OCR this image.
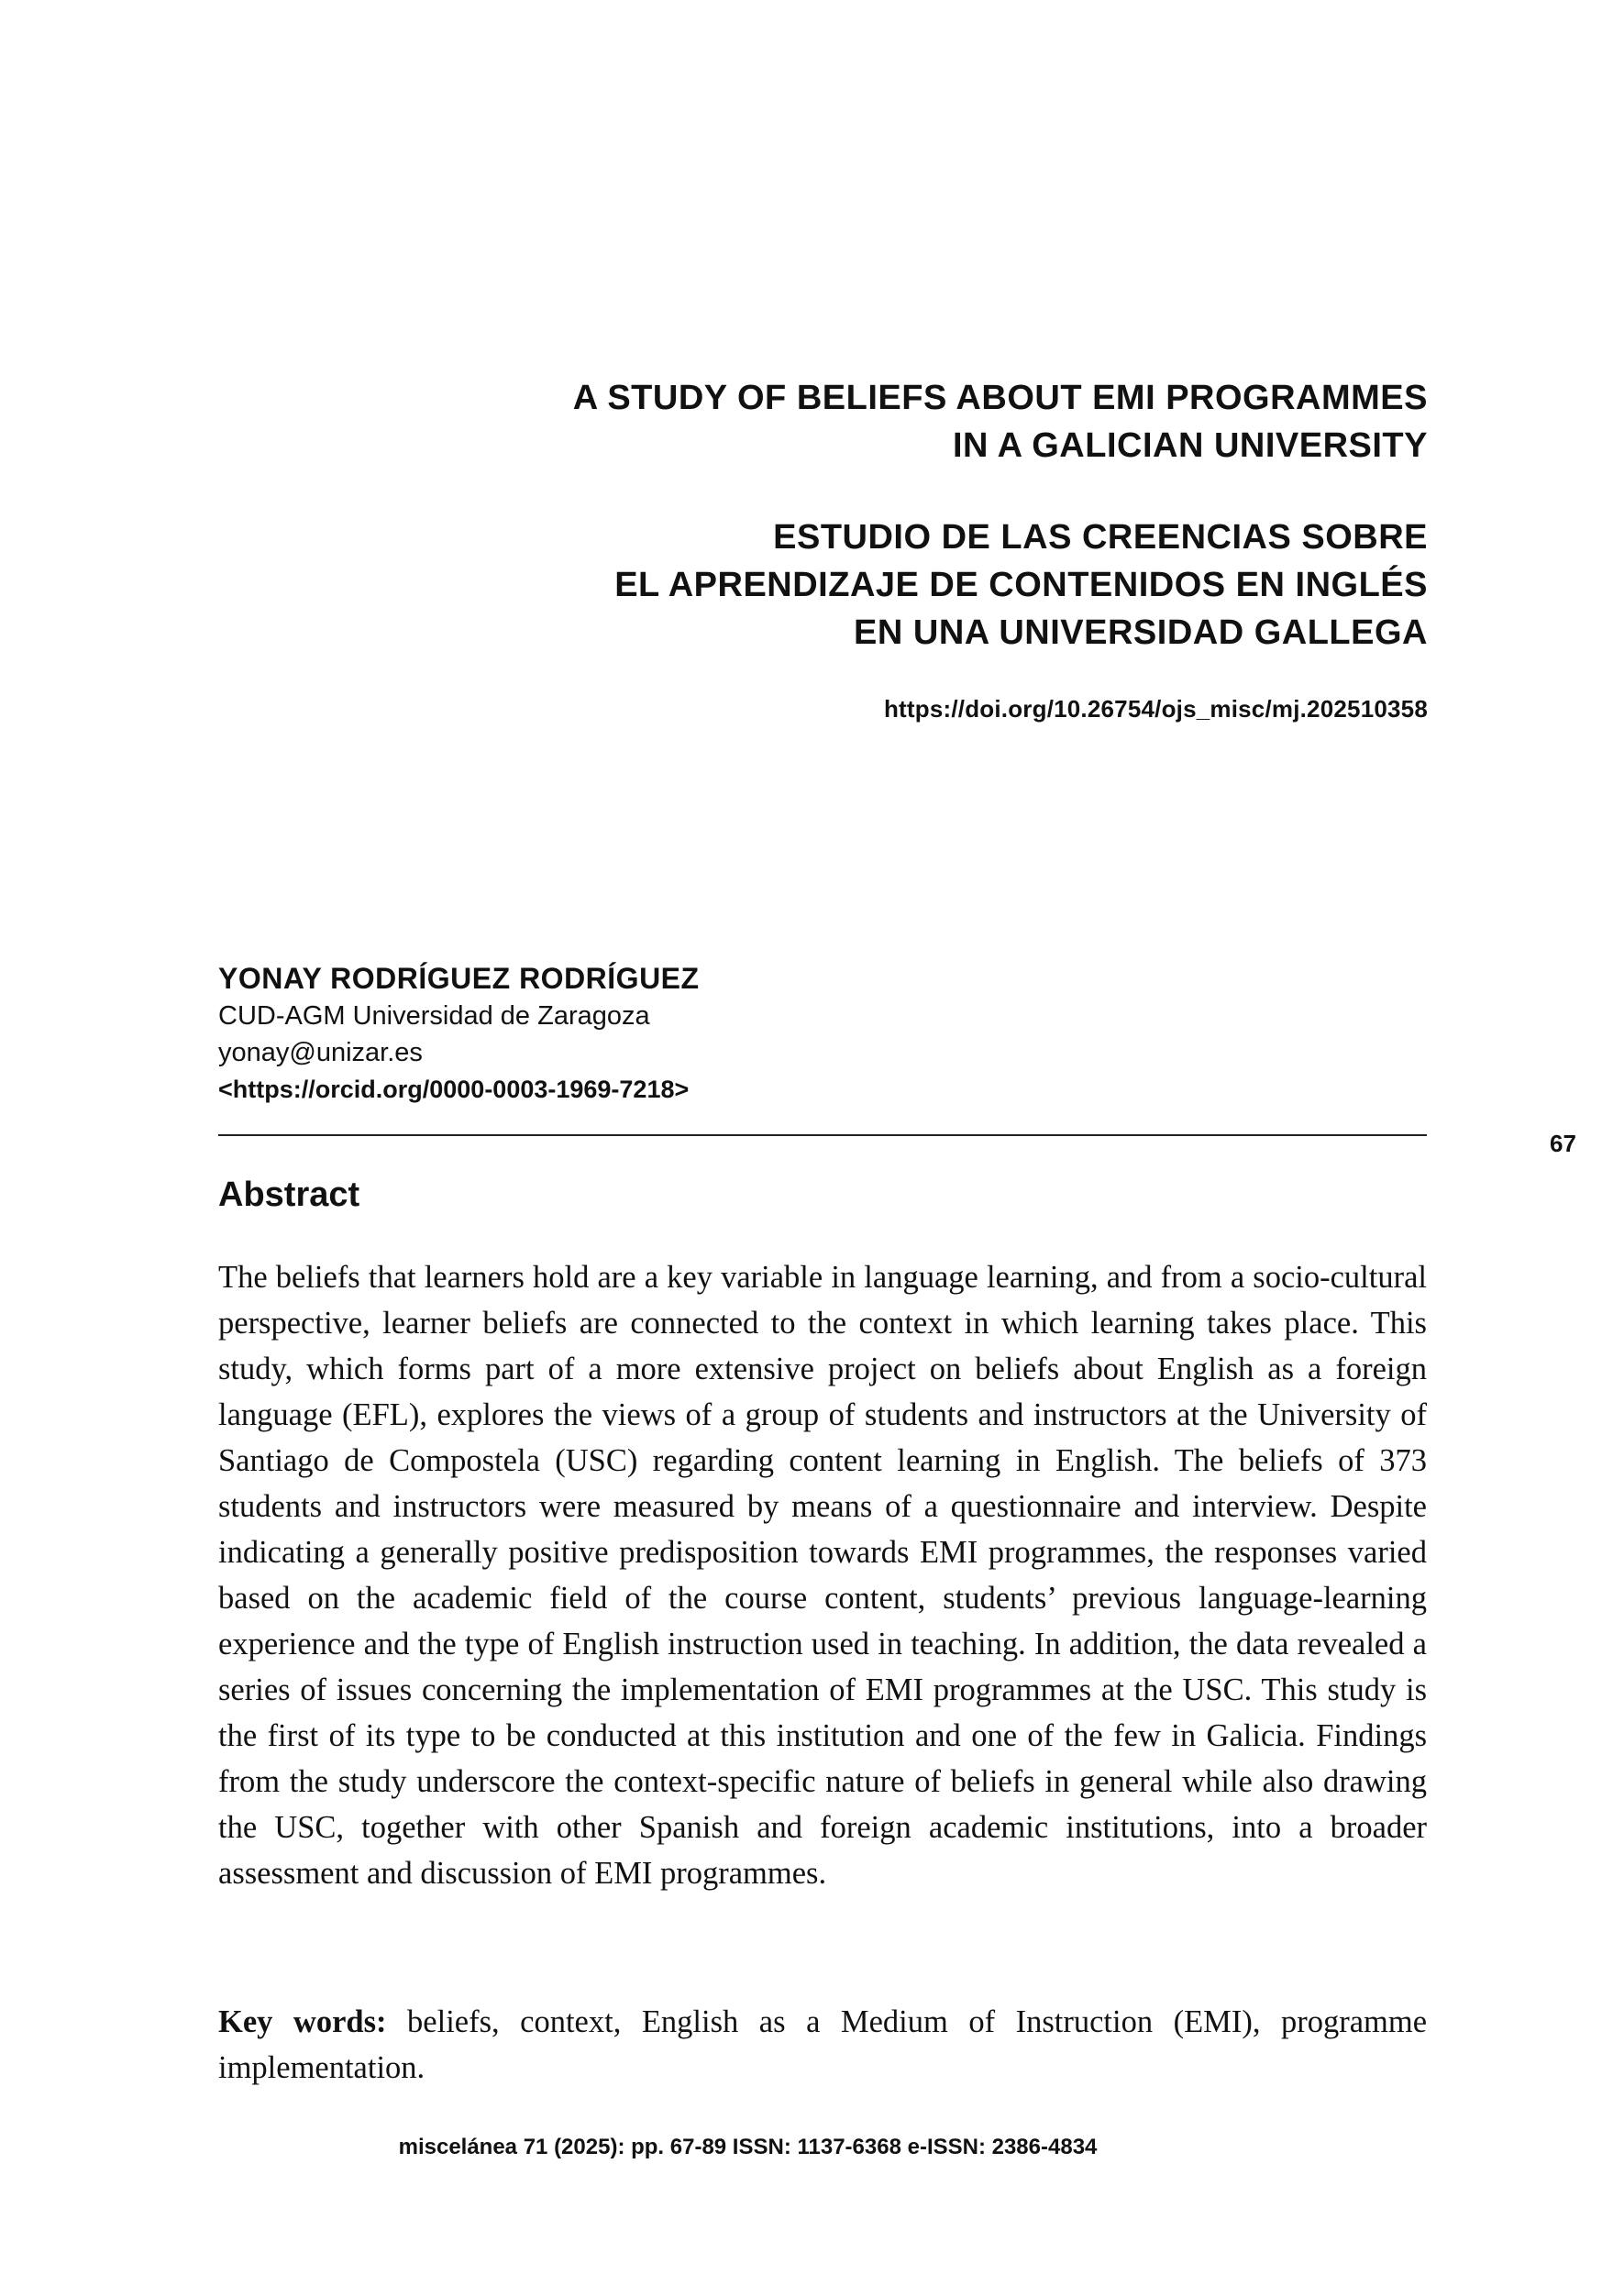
A STUDY OF BELIEFS ABOUT EMI PROGRAMMES
IN A GALICIAN UNIVERSITY
ESTUDIO DE LAS CREENCIAS SOBRE
EL APRENDIZAJE DE CONTENIDOS EN INGLÉS
EN UNA UNIVERSIDAD GALLEGA
https://doi.org/10.26754/ojs_misc/mj.202510358
YONAY RODRÍGUEZ RODRÍGUEZ
CUD-AGM Universidad de Zaragoza
yonay@unizar.es
<https://orcid.org/0000-0003-1969-7218>
67
Abstract

The beliefs that learners hold are a key variable in language learning, and from a socio-cultural perspective, learner beliefs are connected to the context in which learning takes place. This study, which forms part of a more extensive project on beliefs about English as a foreign language (EFL), explores the views of a group of students and instructors at the University of Santiago de Compostela (USC) regarding content learning in English. The beliefs of 373 students and instructors were measured by means of a questionnaire and interview. Despite indicating a generally positive predisposition towards EMI programmes, the responses varied based on the academic field of the course content, students’ previous language-learning experience and the type of English instruction used in teaching. In addition, the data revealed a series of issues concerning the implementation of EMI programmes at the USC. This study is the first of its type to be conducted at this institution and one of the few in Galicia. Findings from the study underscore the context-specific nature of beliefs in general while also drawing the USC, together with other Spanish and foreign academic institutions, into a broader assessment and discussion of EMI programmes.

Key words: beliefs, context, English as a Medium of Instruction (EMI), programme implementation.

miscelánea 71 (2025): pp. 67-89 ISSN: 1137-6368 e-ISSN: 2386-4834
